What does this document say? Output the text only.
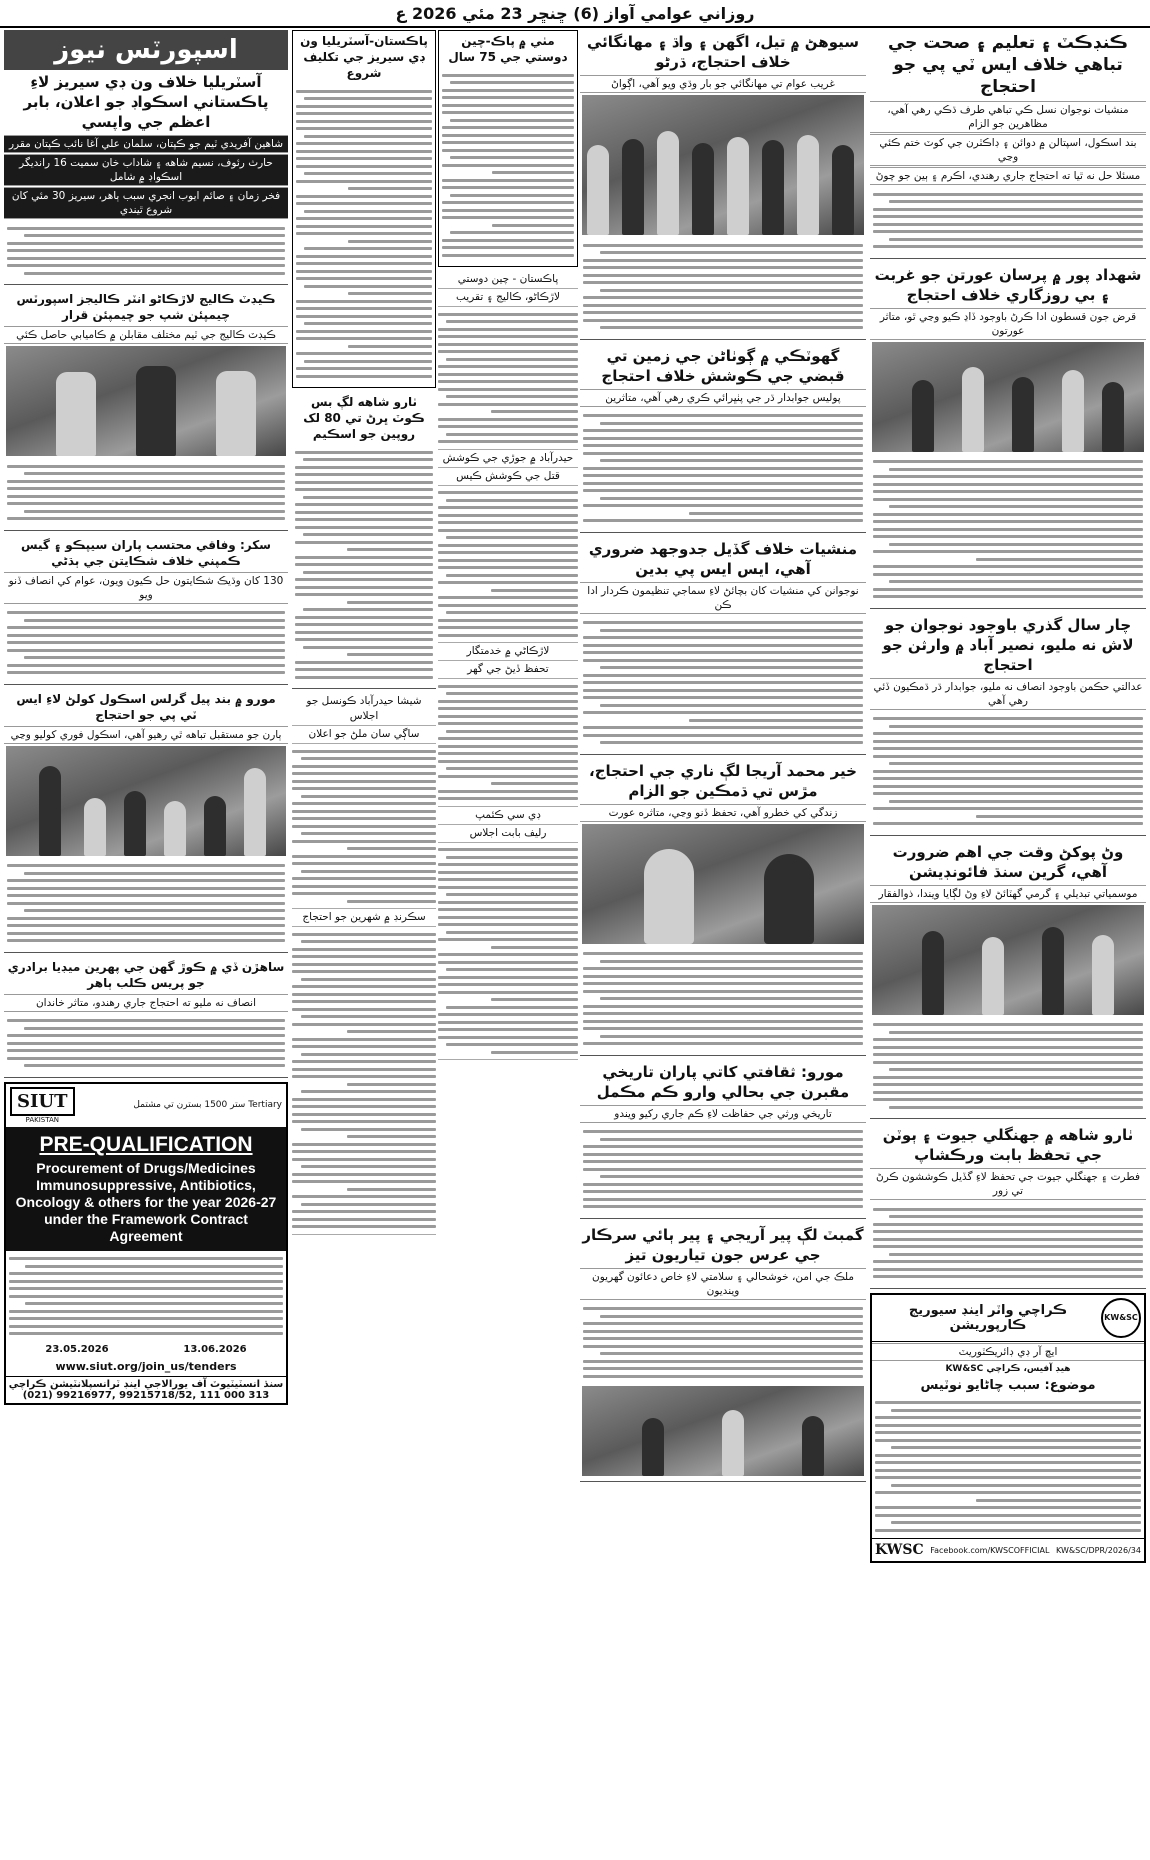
روزاني عوامي آواز (6) ڇنڇر 23 مئي 2026 ع
ڪنڊڪٽ ۽ تعليم ۽ صحت جي تباهي خلاف ايس ٽي پي جو احتجاج
منشيات نوجوان نسل ڪي تباهي طرف ڌڪي رهي آهي، مظاهرين جو الزام
بند اسڪول، اسپتالن ۾ دوائن ۽ ڊاڪٽرن جي کوٽ ختم ڪئي وڃي
مسئلا حل نه ٿيا ته احتجاج جاري رهندي، اڪرم ۽ ٻين جو چوڻ
شهداد پور ۾ پرسان عورتن جو غربت ۽ بي روزگاري خلاف احتجاج
قرض جون قسطون ادا ڪرڻ باوجود ڏاڍ ڪيو وڃي ٿو، متاثر عورتون
چار سال گذري باوجود نوجوان جو لاش نه مليو، نصير آباد ۾ وارثن جو احتجاج
عدالتي حڪمن باوجود انصاف نه مليو، جوابدار ڌر ڌمڪيون ڏئي رهي آهي
وڻ پوکڻ وقت جي اهم ضرورت آهي، گرين سنڌ فائونڊيشن
موسمياتي تبديلي ۽ گرمي گهٽائڻ لاءِ وڻ لڳايا ويندا، ذوالفقار
ٺارو شاهه ۾ جهنگلي جيوت ۽ ٻوٽن جي تحفظ بابت ورڪشاپ
فطرت ۽ جهنگلي جيوت جي تحفظ لاءِ گڏيل ڪوششون ڪرڻ تي زور
KW&SC
ڪراچي واٽر اينڊ سيوريج ڪارپوريشن
ايڇ آر ڊي ڊائريڪٽوريٽ
KW&SC هيڊ آفيس، ڪراچي
موضوع: سبب چاڻايو نوٽيس
KWSC Facebook.com/KWSCOFFICIAL KW&SC/DPR/2026/34
سيوهڻ ۾ تيل، اگهن ۽ واڌ ۽ مهانگائي خلاف احتجاج، ڌرڻو
غريب عوام تي مهانگائي جو بار وڌي ويو آهي، اڳواڻ
گهوٽڪي ۾ ڳوٺاڻن جي زمين تي قبضي جي ڪوشش خلاف احتجاج
پوليس جوابدار ڌر جي پٺڀرائي ڪري رهي آهي، متاثرين
منشيات خلاف گڏيل جدوجهد ضروري آهي، ايس ايس پي بدين
نوجوانن کي منشيات کان بچائڻ لاءِ سماجي تنظيمون ڪردار ادا ڪن
خير محمد آريجا لڳ ناري جي احتجاج، مڙس تي ڌمڪين جو الزام
زندگي کي خطرو آهي، تحفظ ڏنو وڃي، متاثره عورت
مورو: ثقافتي کاتي پاران تاريخي مقبرن جي بحالي وارو ڪم مڪمل
تاريخي ورثي جي حفاظت لاءِ ڪم جاري رکيو ويندو
گمبٽ لڳ پير آريجي ۽ پير ٻائي سرڪار جي عرس جون تياريون تيز
ملڪ جي امن، خوشحالي ۽ سلامتي لاءِ خاص دعائون گهريون وينديون
مٺي ۾ پاڪ-چين دوستي جي 75 سال
پاڪستان - چين دوستي
لاڙڪاڻو، ڪاليج ۽ تقريب
حيدرآباد ۾ جوڙي جي ڪوشش
قتل جي ڪوشش ڪيس
لاڙڪاڻي ۾ خدمتگار
تحفظ ڏيڻ جي گهر
ڊي سي ڪئمپ
رليف بابت اجلاس
پاڪستان-آسٽريليا ون ڊي سيريز جي تکليف شروع
ٺارو شاهه لڳ بس ڪوٽ ڀرڻ تي 80 لک روپين جو اسڪيم
شيشا حيدرآباد ڪونسل جو اجلاس
ساڳي سان ملڻ جو اعلان
سڪرنڊ ۾ شهرين جو احتجاج
اسپورٽس نيوز
آسٽريليا خلاف ون ڊي سيريز لاءِ پاڪستاني اسڪواڊ جو اعلان، بابر اعظم جي واپسي
شاهين آفريدي ٽيم جو ڪپتان، سلمان علي آغا نائب ڪپتان مقرر
حارث رئوف، نسيم شاهه ۽ شاداب خان سميت 16 رانديگر اسڪواڊ ۾ شامل
فخر زمان ۽ صائم ايوب انجري سبب ٻاهر، سيريز 30 مئي کان شروع ٿيندي
ڪيڊٽ ڪاليج لاڙڪاڻو انٽر ڪاليجز اسپورٽس چيمپئن شپ جو چيمپئن قرار
ڪيڊٽ ڪاليج جي ٽيم مختلف مقابلن ۾ ڪاميابي حاصل ڪئي
سکر: وفاقي محتسب پاران سيپڪو ۽ گيس ڪمپني خلاف شڪايتن جي ٻڌڻي
130 کان وڌيڪ شڪايتون حل ڪيون ويون، عوام کي انصاف ڏنو ويو
مورو ۾ بند پيل گرلس اسڪول کولڻ لاءِ ايس ٽي پي جو احتجاج
ٻارن جو مستقبل تباهه ٿي رهيو آهي، اسڪول فوري کوليو وڃي
ساهڙن ڏي ۾ ڪوڙ گهن جي پهرين ميڊيا برادري جو پريس ڪلب ٻاهر
انصاف نه مليو ته احتجاج جاري رهندو، متاثر خاندان
SIUT
PAKISTAN
Tertiary ستر 1500 بسترن تي مشتمل
PRE-QUALIFICATION
Procurement of Drugs/Medicines Immunosuppressive, Antibiotics, Oncology & others for the year 2026-27 under the Framework Contract Agreement
23.05.2026	13.06.2026
www.siut.org/join_us/tenders
سنڌ انسٽيٽيوٽ آف يورالاجي اينڊ ٽرانسپلانٽيشن ڪراچي
(021) 99216977, 99215718/52, 111 000 313
